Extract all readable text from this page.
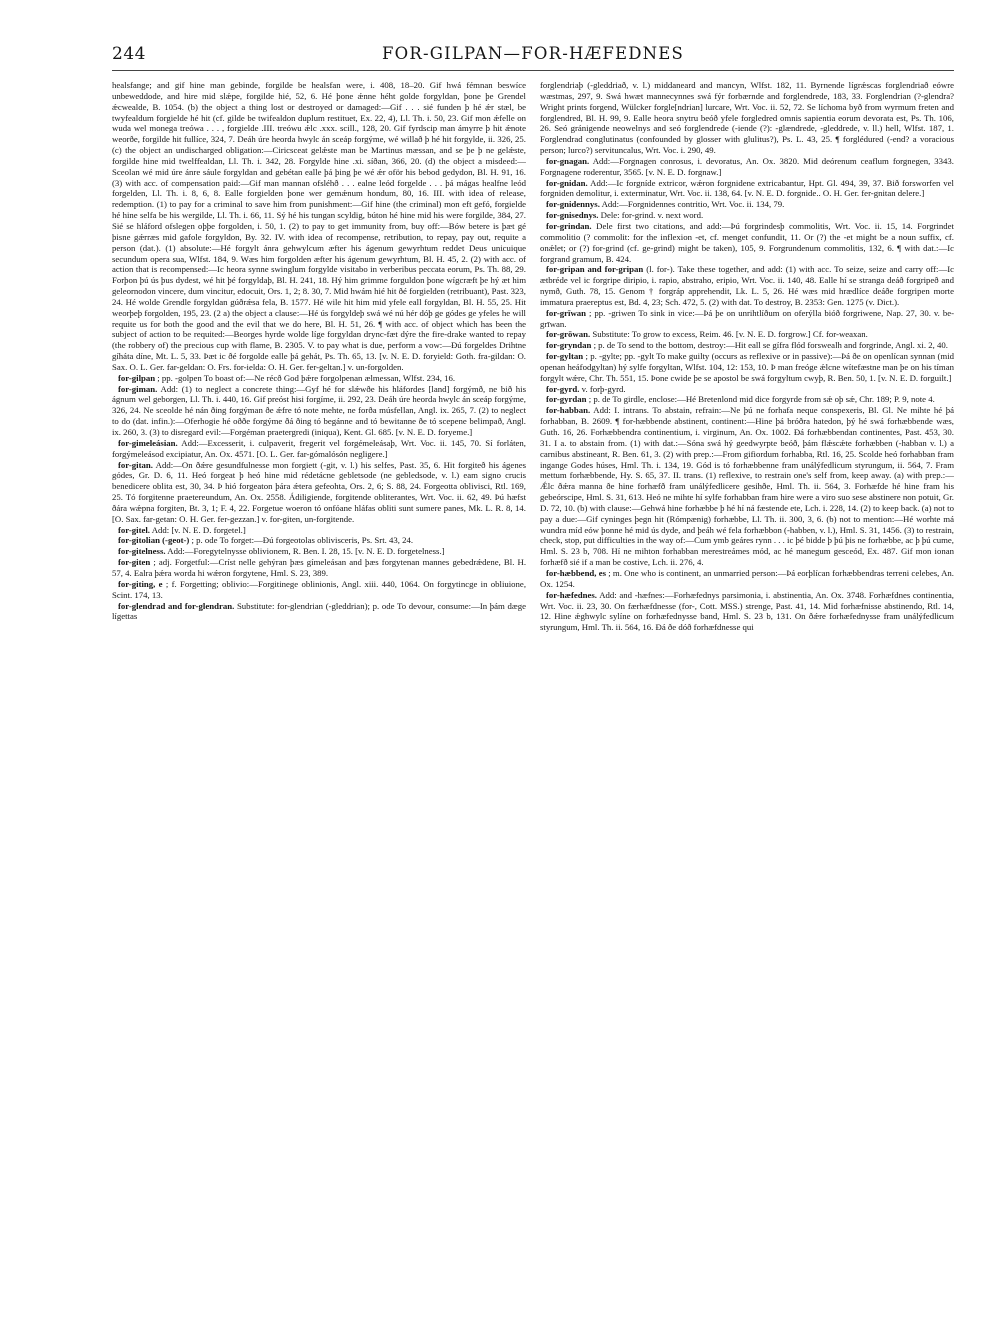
244	FOR-GILPAN—FOR-HÆFEDNES

healsfange; and gif hine man gebinde, forgilde be healsfan were, i. 408, 18–20. Gif hwá fémnan beswíce unbeweddode, and hire mid slǽpe, forgilde hié, 52, 6. Hé þone ǽnne héht golde forgyldan, þone þe Grendel ǽcwealde, B. 1054. (b) the object a thing lost or destroyed or damaged:—Gif . . . sié funden þ hé ǽr stæl, be twyfealdum forgielde hé hit (cf. gilde be twifealdon duplum restituet, Ex. 22, 4), Ll. Th. i. 50, 23. Gif mon ǽfelle on wuda wel monega treówa . . . , forgielde .III. treówu ǽlc .xxx. scill., 128, 20. Gif fyrdscip man ámyrre þ hit ǽnote weorðe, forgilde hit fullíce, 324, 7. Deáh úre heorda hwylc án sceáp forgýme, wé willað þ hé hit forgylde, ii. 326, 25. (c) the object an undischarged obligation:—Ciricsceat gelǽste man be Martinus mæssan, and se þe þ ne gelǽste, forgilde hine mid twelffealdan, Ll. Th. i. 342, 28. Forgylde hine .xi. síðan, 366, 20. (d) the object a misdeed:—Sceolan wé mid úre ánre sáule forgyldan and gebétan ealle þá þing þe wé ǽr oför his bebod gedydon, Bl. H. 91, 16. (3) with acc. of compensation paid:—Gif man mannan ofsléhð . . . ealne leód forgelde . . . þá mágas healfne leód forgelden, Ll. Th. i. 8, 6, 8. Ealle forgielden þone wer gemǽnum hondum, 80, 16. III. with idea of release, redemption. (1) to pay for a criminal to save him from punishment:—Gif hine (the criminal) mon eft gefó, forgielde hé hine selfa be his wergilde, Ll. Th. i. 66, 11. Sý hé his tungan scyldig, búton hé hine mid his were forgilde, 384, 27. Sié se hláford ofslegen oþþe forgolden, i. 50, 1. (2) to pay to get immunity from, buy off:—Bów betere is þæt gé þisne gǽrræs mid gafole forgyldon, By. 32. IV. with idea of recompense, retribution, to repay, pay out, requite a person (dat.). (1) absolute:—Hé forgylt ánra gehwylcum æfter his ágenum gewyrhtum reddet Deus unicuique secundum opera sua, Wlfst. 184, 9. Wæs him forgolden æfter his ágenum gewyrhtum, Bl. H. 45, 2. (2) with acc. of action that is recompensed:—Ic heora synne swinglum forgylde visitabo in verberibus peccata eorum, Ps. Th. 88, 29. Forþon þú ús þus dydest, wé hit þé forgyldaþ, Bl. H. 241, 18. Hý him grimme forguldon þone wígcræft þe hý æt him geleornodon vincere, dum vincitur, edocuit, Ors. 1, 2; 8. 30, 7. Mid hwám hié hit ðé forgielden (retribuant), Past. 323, 24. Hé wolde Grendle forgyldan gúðrǽsa fela, B. 1577. Hé wile hit him mid yfele eall forgyldan, Bl. H. 55, 25. Hit weorþeþ forgolden, 195, 23. (2 a) the object a clause:—Hé ús forgyldeþ swá wé nú hér dóþ ge gódes ge yfeles he will requite us for both the good and the evil that we do here, Bl. H. 51, 26. ¶ with acc. of object which has been the subject of action to be requited:—Beorges hyrde wolde líge forgyldan drync-fæt dýre the fire-drake wanted to repay (the robbery of) the precious cup with flame, B. 2305. V. to pay what is due, perform a vow:—Ðú forgeldes Drihtne gíháta díne, Mt. L. 5, 33. Þæt ic ðé forgolde ealle þá gehát, Ps. Th. 65, 13. [v. N. E. D. foryield: Goth. fra-gildan: O. Sax. O. L. Ger. far-geldan: O. Frs. for-ielda: O. H. Ger. fer-geltan.] v. un-forgolden.

for-gilpan ; pp. -golpen To boast of:—Ne récð God þǽre forgolpenan ælmessan, Wlfst. 234, 16.

for-giman. Add: (1) to neglect a concrete thing:—Gyf hé for slǽwðe his hláfordes [land] forgýmð, ne bið his ágnum wel geborgen, Ll. Th. i. 440, 16. Gif preóst hisi forgíme, ii. 292, 23. Deáh úre heorda hwylc án sceáp forgýme, 326, 24. Ne sceolde hé nán ðing forgýman ðe ǽfre tó note mehte, ne forða músfellan, Angl. ix. 265, 7. (2) to neglect to do (dat. infin.):—Oferhogie hé oððe forgýme ðá ðing tó begánne and tó bewitanne ðe tó scepene belimpað, Angl. ix. 260, 3. (3) to disregard evil:—Forgéman praetergredi (iniqua), Kent. Gl. 685. [v. N. E. D. foryeme.]

for-gimeleásian. Add:—Excesserit, i. culpaverit, fregerit vel forgémeleásaþ, Wrt. Voc. ii. 145, 70. Sí forláten, forgýmeleásod excipiatur, An. Ox. 4571. [O. L. Ger. far-gómalósón negligere.]

for-gitan. Add:—On ðǽre gesundfulnesse mon forgiett (-git, v. l.) his selfes, Past. 35, 6. Hit forgiteð his ágenes gódes, Gr. D. 6, 11. Heó forgeat þ heó hine mid rédetácne gebletsode (ne gebledsode, v. l.) eam signo crucis benedicere oblita est, 30, 34. Þ hió forgeaton þára ǽtera gefeohta, Ors. 2, 6; S. 88, 24. Forgeotta oblivisci, Rtl. 169, 25. Tó forgitenne praetereundum, An. Ox. 2558. Ádiligiende, forgitende obliterantes, Wrt. Voc. ii. 62, 49. Þú hæfst ðára wǽpna forgiten, Bt. 3, 1; F. 4, 22. Forgetue woeron tó onfóane hláfas obliti sunt sumere panes, Mk. L. R. 8, 14. [O. Sax. far-getan: O. H. Ger. fer-gezzan.] v. for-giten, un-forgitende.

for-gitel. Add: [v. N. E. D. forgetel.]

for-gitolian (-geot-) ; p. ode To forget:—Ðú forgeotolas oblivisceris, Ps. Srt. 43, 24.

for-gitelness. Add:—Foregytelnysse oblivionem, R. Ben. I. 28, 15. [v. N. E. D. forgetelness.]

for-giten ; adj. Forgetful:—Críst nelle gehýran þæs gímeleásan and þæs forgytenan mannes gebedrǽdene, Bl. H. 57, 4. Ealra þǽra worda hi wǽron forgytene, Hml. S. 23, 389.

for-giting, e ; f. Forgetting; oblivio:—Forgitinege oblinionis, Angl. xiii. 440, 1064. On forgytincge in obliuione, Scint. 174, 13.

for-glendrad and for-glendran. Substitute: for-glendrian (-gleddrian); p. ode To devour, consume:—In þám dæge lígettas

forglendriaþ (-gleddriað, v. l.) middaneard and mancyn, Wlfst. 182, 11. Byrnende lígrǽscas forglendriað eówre wæstmas, 297, 9. Swá hwæt mannecynnes swá fýr forbærnde and forglendrede, 183, 33. Forglendrian (?-glendra? Wright prints forgend, Wülcker forgle[ndrian] lurcare, Wrt. Voc. ii. 52, 72. Se líchoma byð from wyrmum freten and forglendred, Bl. H. 99, 9. Ealle heora snytru beóð yfele forgledred omnis sapientia eorum devorata est, Ps. Th. 106, 26. Seó gránigende neowelnys and seó forglendrede (-iende (?): -glændrede, -gleddrede, v. ll.) hell, Wlfst. 187, 1. Forglendrad conglutinatus (confounded by glosser with glulitus?), Ps. L. 43, 25. ¶ forglédured (-end? a voracious person; lurco?) servituncalus, Wrt. Voc. i. 290, 49.

for-gnagan. Add:—Forgnagen conrosus, i. devoratus, An. Ox. 3820. Mid deórenum ceaflum forgnegen, 3343. Forgnagene roderentur, 3565. [v. N. E. D. forgnaw.]

for-gnidan. Add:—Ic forgníde extricor, wǽron forgnidene extricabantur, Hpt. Gl. 494, 39, 37. Bið forsworfen vel forgniden demolitur, i. exterminatur, Wrt. Voc. ii. 138, 64. [v. N. E. D. forgnide.. O. H. Ger. fer-gnitan delere.]

for-gnidennys. Add:—Forgnidennes contritio, Wrt. Voc. ii. 134, 79.

for-gnisednys. Dele: for-grind. v. next word.

for-grindan. Dele first two citations, and add:—Þú forgrindesþ commolitis, Wrt. Voc. ii. 15, 14. Forgrindet commolitio (? commolit: for the inflexion -et, cf. menget confundit, 11. Or (?) the -et might be a noun suffix, cf. onǽlet; or (?) for-grind (cf. ge-grind) might be taken), 105, 9. Forgrundenum commolitis, 132, 6. ¶ with dat.:—Ic forgrand gramum, B. 424.

for-gripan and for-gripan (l. for-). Take these together, and add: (1) with acc. To seize, seize and carry off:—Ic ætbréde vel ic forgripe diripio, i. rapio, abstraho, eripio, Wrt. Voc. ii. 140, 48. Ealle hí se stranga deáð forgripeð and nymð, Guth. 78, 15. Genom † forgráp apprehendit, Lk. L. 5, 26. Hé wæs mid hrædlíce deáðe forgripen morte immatura praereptus est, Bd. 4, 23; Sch. 472, 5. (2) with dat. To destroy, B. 2353: Gen. 1275 (v. Dict.).

for-grīwan ; pp. -griwen To sink in vice:—Þá þe on unrihtlíðum on oferýlla bióð forgriwene, Nap. 27, 30. v. be-grīwan.

for-grōwan. Substitute: To grow to excess, Reim. 46. [v. N. E. D. forgrow.] Cf. for-weaxan.

for-gryndan ; p. de To send to the bottom, destroy:—Hit eall se gífra flód forswealh and forgrinde, Angl. xi. 2, 40.

for-gyltan ; p. -gylte; pp. -gylt To make guilty (occurs as reflexive or in passive):—Þá ðe on openlícan synnan (mid openan heáfodgyltan) hý sylfe forgyltan, Wlfst. 104, 12: 153, 10. Þ man freóge ǽlcne wítefæstne man þe on his tíman forgylt wǽre, Chr. Th. 551, 15. Þone cwide þe se apostol be swá forgyltum cwyþ, R. Ben. 50, 1. [v. N. E. D. forguilt.]

for-gyrd. v. forþ-gyrd.

for-gyrdan ; p. de To girdle, enclose:—Hé Bretenlond mid dice forgyrde from sǽ oþ sǽ, Chr. 189; P. 9, note 4.

for-habban. Add: I. intrans. To abstain, refrain:—Ne þú ne forhafa neque conspexeris, Bl. Gl. Ne mihte hé þá forhabban, B. 2609. ¶ for-hæbbende abstinent, continent:—Hine þá bróðra hatedon, þý hé swá forhæbbende wæs, Guth. 16, 26. Forhæbbendra continentium, i. virginum, An. Ox. 1002. Ðá forhæbbendan continentes, Past. 453, 30. 31. I a. to abstain from. (1) with dat.:—Sóna swá hý geedwyrpte beóð, þám flǽscǽte forhæbben (-habban v. l.) a carnibus abstineant, R. Ben. 61, 3. (2) with prep.:—From gifiordum forhabba, Rtl. 16, 25. Scolde heó forhabban fram ingange Godes húses, Hml. Th. i. 134, 19. Gód is tó forhæbbenne fram unálýfedlicum styrungum, ii. 564, 7. Fram mettum forhæbbende, Hy. S. 65, 37. II. trans. (1) reflexive, to restrain one's self from, keep away. (a) with prep.:—Ǽlc ðǽra manna ðe hine forhæfð fram unálýfedlicere gesihðe, Hml. Th. ii. 564, 3. Forhæfde hé hine fram his gebeórscipe, Hml. S. 31, 613. Heó ne mihte hí sylfe forhabban fram hire were a viro suo sese abstinere non potuit, Gr. D. 72, 10. (b) with clause:—Gehwá hine forhæbbe þ hé hí ná fæstende ete, Lch. i. 228, 14. (2) to keep back. (a) not to pay a due:—Gif cyninges þegn hit (Rómpænig) forhæbbe, Ll. Th. ii. 300, 3, 6. (b) not to mention:—Hé worhte má wundra míd eów þonne hé mid ús dyde, and þeáh wé fela forhæbbon (-habben, v. l.), Hml. S. 31, 1456. (3) to restrain, check, stop, put difficulties in the way of:—Cum ymb geáres rynn . . . ic þé bidde þ þú þis ne forhæbbe, ac þ þú cume, Hml. S. 23 b, 708. Hí ne mihton forhabban merestreámes mód, ac hé manegum gesceód, Ex. 487. Gif mon ionan forhæfð sié if a man be costive, Lch. ii. 276, 4.

for-hæbbend, es ; m. One who is continent, an unmarried person:—Þá eorþlícan forhæbbendras terreni celebes, An. Ox. 1254.

for-hæfednes. Add: and -hæfnes:—Forhæfednys parsimonia, i. abstinentia, An. Ox. 3748. Forhæfdnes continentia, Wrt. Voc. ii. 23, 30. On færhæfdnesse (for-, Cott. MSS.) strenge, Past. 41, 14. Mid forhæfnisse abstinendo, Rtl. 14, 12. Hine ǽghwylc sylíne on forhæfednysse band, Hml. S. 23 b, 131. On ðǽre forhæfednysse fram unálýfedlicum styrungum, Hml. Th. ii. 564, 16. Ðá ðe dóð forhæfdnesse qui
